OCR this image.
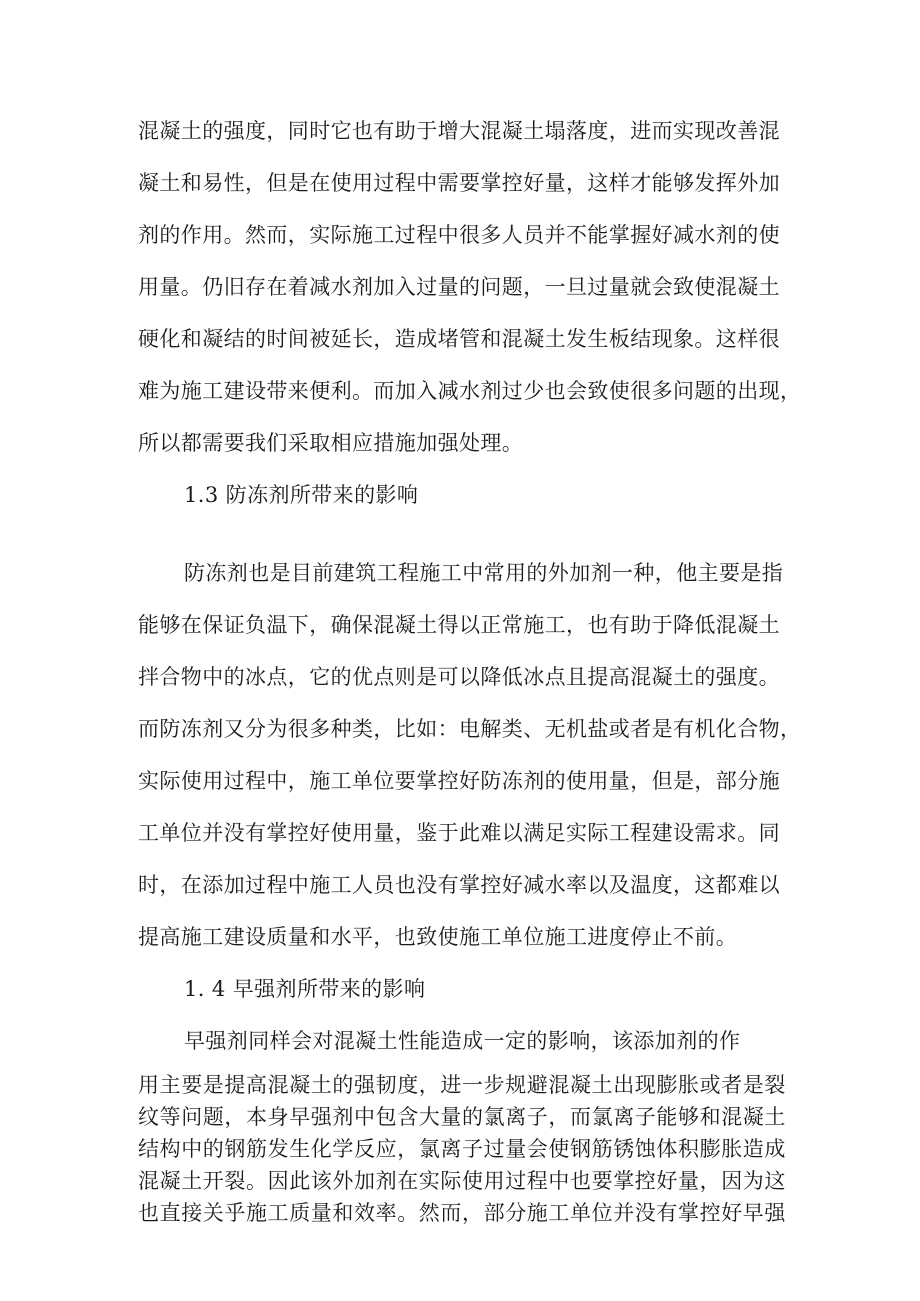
混凝土的强度，同时它也有助于增大混凝土塌落度，进而实现改善混
凝土和易性，但是在使用过程中需要掌控好量，这样才能够发挥外加
剂的作用。然而，实际施工过程中很多人员并不能掌握好减水剂的使
用量。仍旧存在着减水剂加入过量的问题，一旦过量就会致使混凝土
硬化和凝结的时间被延长，造成堵管和混凝土发生板结现象。这样很
难为施工建设带来便利。而加入减水剂过少也会致使很多问题的出现，
所以都需要我们采取相应措施加强处理。
1.3 防冻剂所带来的影响
防冻剂也是目前建筑工程施工中常用的外加剂一种，他主要是指
能够在保证负温下，确保混凝土得以正常施工，也有助于降低混凝土
拌合物中的冰点，它的优点则是可以降低冰点且提高混凝土的强度。
而防冻剂又分为很多种类，比如：电解类、无机盐或者是有机化合物，
实际使用过程中，施工单位要掌控好防冻剂的使用量，但是，部分施
工单位并没有掌控好使用量，鉴于此难以满足实际工程建设需求。同
时，在添加过程中施工人员也没有掌控好减水率以及温度，这都难以
提高施工建设质量和水平，也致使施工单位施工进度停止不前。
1. 4 早强剂所带来的影响
早强剂同样会对混凝土性能造成一定的影响，该添加剂的作
用主要是提高混凝土的强韧度，进一步规避混凝土出现膨胀或者是裂
纹等问题，本身早强剂中包含大量的氯离子，而氯离子能够和混凝土
结构中的钢筋发生化学反应，氯离子过量会使钢筋锈蚀体积膨胀造成
混凝土开裂。因此该外加剂在实际使用过程中也要掌控好量，因为这
也直接关乎施工质量和效率。然而，部分施工单位并没有掌控好早强
